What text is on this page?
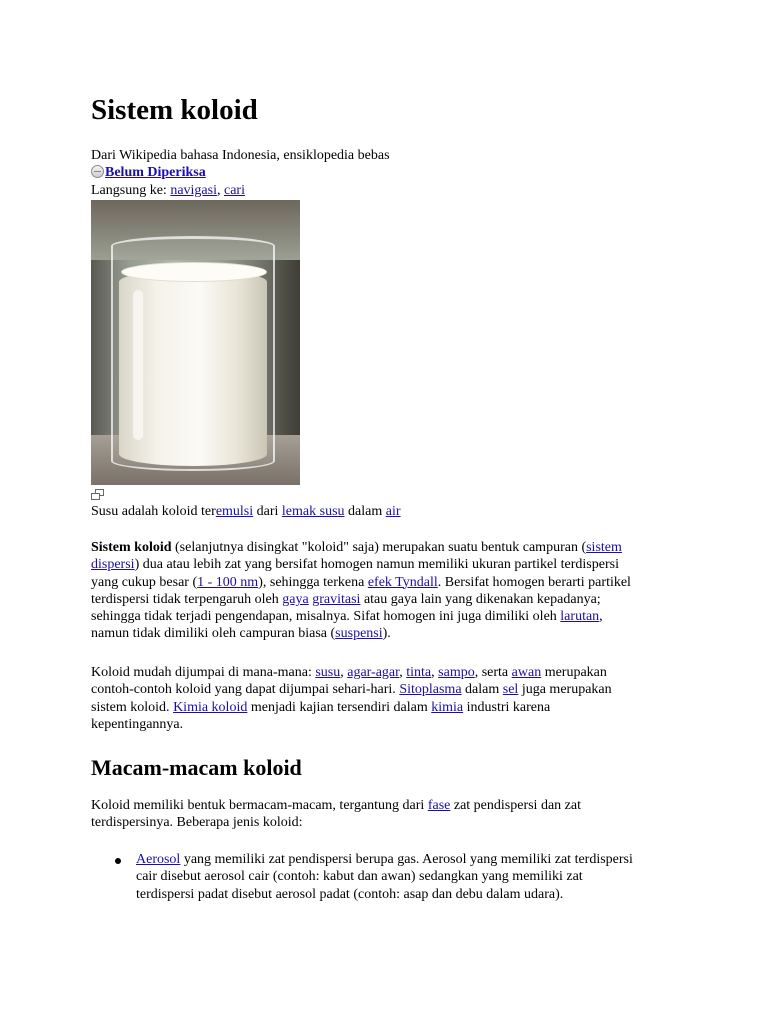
Sistem koloid
Dari Wikipedia bahasa Indonesia, ensiklopedia bebas
Belum Diperiksa
Langsung ke: navigasi, cari
Susu adalah koloid teremulsi dari lemak susu dalam air
Sistem koloid (selanjutnya disingkat "koloid" saja) merupakan suatu bentuk campuran (sistem
dispersi) dua atau lebih zat yang bersifat homogen namun memiliki ukuran partikel terdispersi
yang cukup besar (1 - 100 nm), sehingga terkena efek Tyndall. Bersifat homogen berarti partikel
terdispersi tidak terpengaruh oleh gaya gravitasi atau gaya lain yang dikenakan kepadanya;
sehingga tidak terjadi pengendapan, misalnya. Sifat homogen ini juga dimiliki oleh larutan,
namun tidak dimiliki oleh campuran biasa (suspensi).
Koloid mudah dijumpai di mana-mana: susu, agar-agar, tinta, sampo, serta awan merupakan
contoh-contoh koloid yang dapat dijumpai sehari-hari. Sitoplasma dalam sel juga merupakan
sistem koloid. Kimia koloid menjadi kajian tersendiri dalam kimia industri karena
kepentingannya.
Macam-macam koloid
Koloid memiliki bentuk bermacam-macam, tergantung dari fase zat pendispersi dan zat
terdispersinya. Beberapa jenis koloid:
Aerosol yang memiliki zat pendispersi berupa gas. Aerosol yang memiliki zat terdispersi
cair disebut aerosol cair (contoh: kabut dan awan) sedangkan yang memiliki zat
terdispersi padat disebut aerosol padat (contoh: asap dan debu dalam udara).
